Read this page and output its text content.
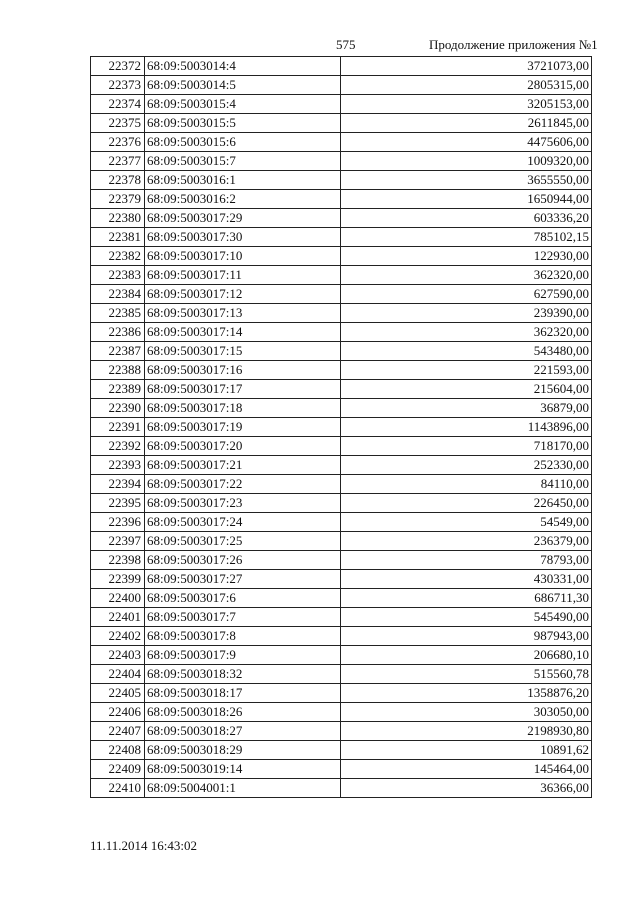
575	Продолжение приложения №1
22372	68:09:5003014:4	3721073,00
22373	68:09:5003014:5	2805315,00
22374	68:09:5003015:4	3205153,00
22375	68:09:5003015:5	2611845,00
22376	68:09:5003015:6	4475606,00
22377	68:09:5003015:7	1009320,00
22378	68:09:5003016:1	3655550,00
22379	68:09:5003016:2	1650944,00
22380	68:09:5003017:29	603336,20
22381	68:09:5003017:30	785102,15
22382	68:09:5003017:10	122930,00
22383	68:09:5003017:11	362320,00
22384	68:09:5003017:12	627590,00
22385	68:09:5003017:13	239390,00
22386	68:09:5003017:14	362320,00
22387	68:09:5003017:15	543480,00
22388	68:09:5003017:16	221593,00
22389	68:09:5003017:17	215604,00
22390	68:09:5003017:18	36879,00
22391	68:09:5003017:19	1143896,00
22392	68:09:5003017:20	718170,00
22393	68:09:5003017:21	252330,00
22394	68:09:5003017:22	84110,00
22395	68:09:5003017:23	226450,00
22396	68:09:5003017:24	54549,00
22397	68:09:5003017:25	236379,00
22398	68:09:5003017:26	78793,00
22399	68:09:5003017:27	430331,00
22400	68:09:5003017:6	686711,30
22401	68:09:5003017:7	545490,00
22402	68:09:5003017:8	987943,00
22403	68:09:5003017:9	206680,10
22404	68:09:5003018:32	515560,78
22405	68:09:5003018:17	1358876,20
22406	68:09:5003018:26	303050,00
22407	68:09:5003018:27	2198930,80
22408	68:09:5003018:29	10891,62
22409	68:09:5003019:14	145464,00
22410	68:09:5004001:1	36366,00
11.11.2014 16:43:02
